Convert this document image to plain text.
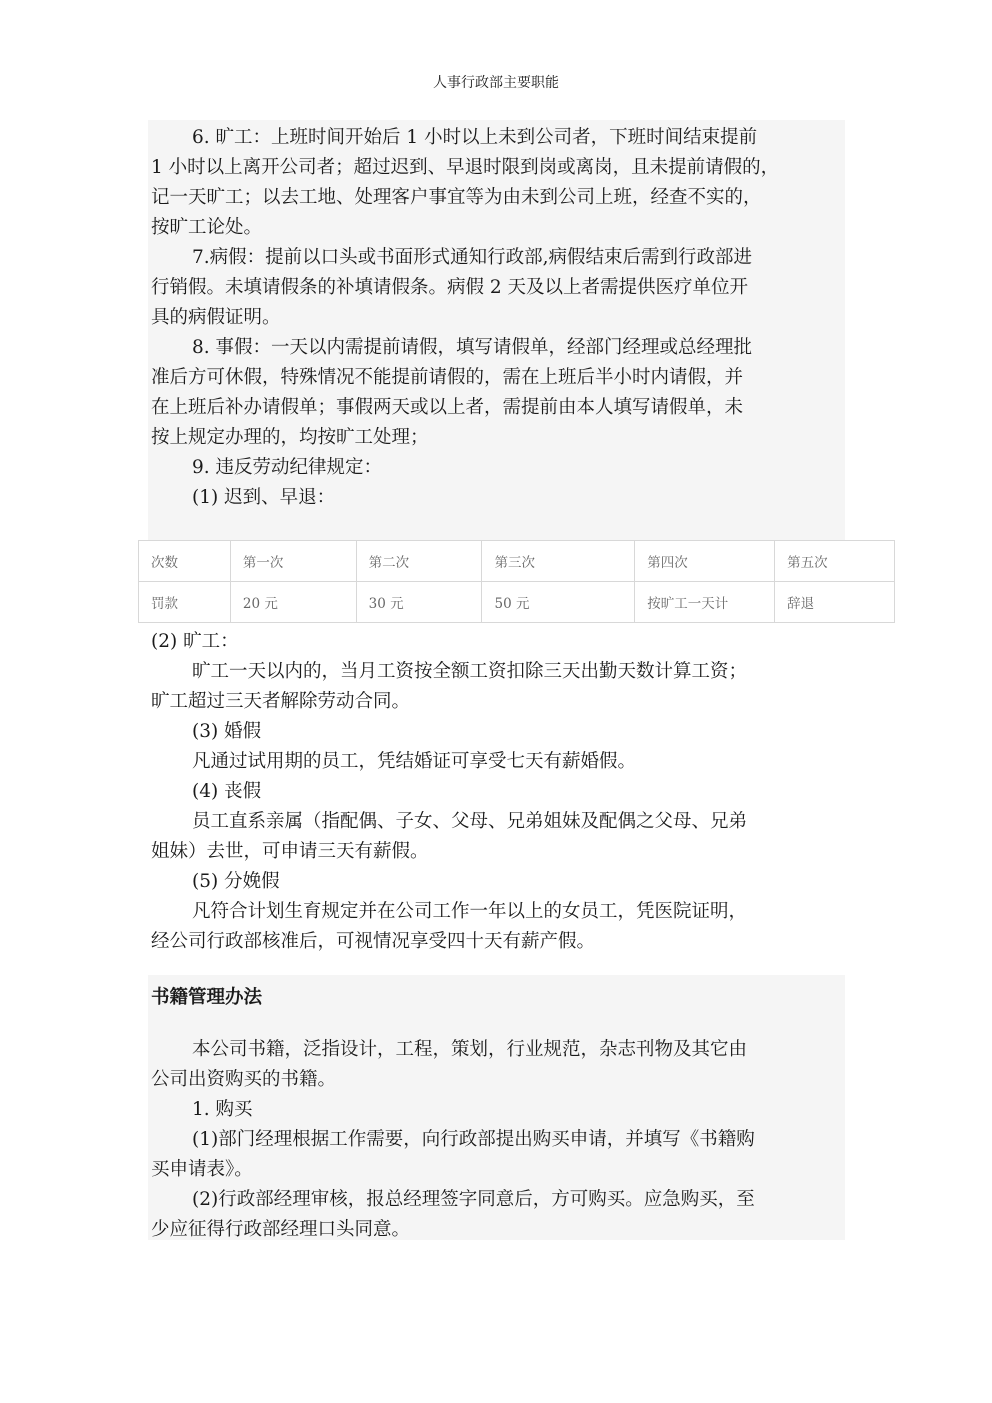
人事行政部主要职能
6. 旷工：上班时间开始后 1 小时以上未到公司者，下班时间结束提前
1 小时以上离开公司者；超过迟到、早退时限到岗或离岗，且未提前请假的，
记一天旷工；以去工地、处理客户事宜等为由未到公司上班，经查不实的，
按旷工论处。
7.病假：提前以口头或书面形式通知行政部,病假结束后需到行政部进
行销假。未填请假条的补填请假条。病假 2 天及以上者需提供医疗单位开
具的病假证明。
8. 事假：一天以内需提前请假，填写请假单，经部门经理或总经理批
准后方可休假，特殊情况不能提前请假的，需在上班后半小时内请假，并
在上班后补办请假单；事假两天或以上者，需提前由本人填写请假单，未
按上规定办理的，均按旷工处理；
9. 违反劳动纪律规定：
(1) 迟到、早退：
次数	第一次	第二次	第三次	第四次	第五次
罚款	20 元	30 元	50 元	按旷工一天计	辞退
(2) 旷工：
旷工一天以内的，当月工资按全额工资扣除三天出勤天数计算工资；
旷工超过三天者解除劳动合同。
(3) 婚假
凡通过试用期的员工，凭结婚证可享受七天有薪婚假。
(4) 丧假
员工直系亲属（指配偶、子女、父母、兄弟姐妹及配偶之父母、兄弟
姐妹）去世，可申请三天有薪假。
(5) 分娩假
凡符合计划生育规定并在公司工作一年以上的女员工，凭医院证明，
经公司行政部核准后，可视情况享受四十天有薪产假。
书籍管理办法
本公司书籍，泛指设计，工程，策划，行业规范，杂志刊物及其它由
公司出资购买的书籍。
1. 购买
(1)部门经理根据工作需要，向行政部提出购买申请，并填写《书籍购
买申请表》。
(2)行政部经理审核，报总经理签字同意后，方可购买。应急购买，至
少应征得行政部经理口头同意。
